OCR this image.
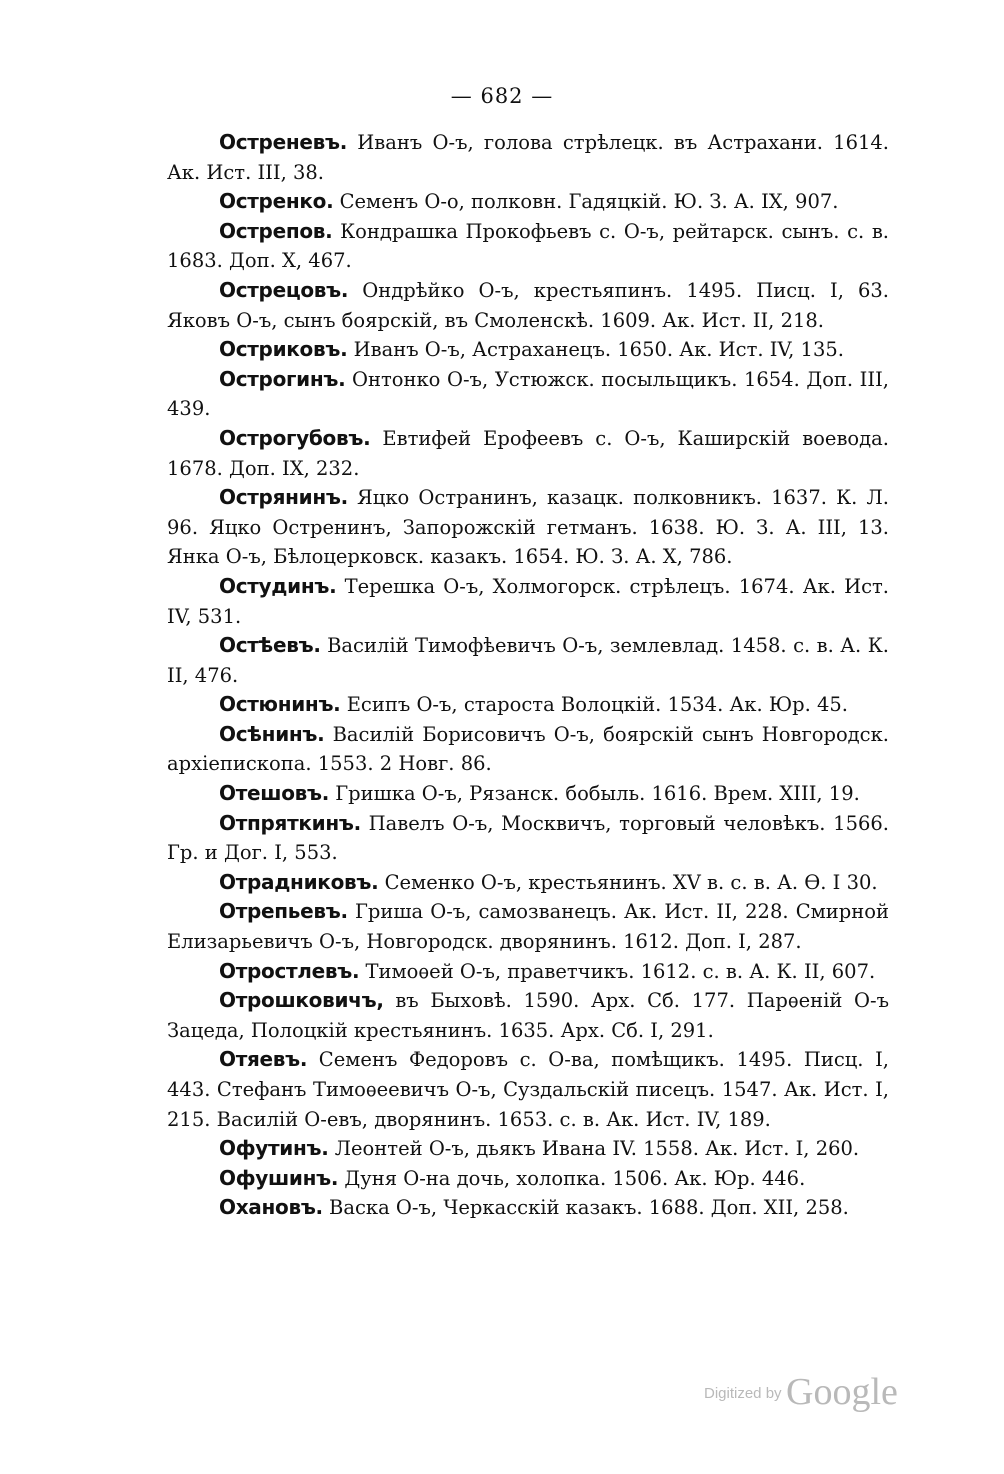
— 682 —

Остреневъ. Иванъ О-ъ, голова стрѣлецк. въ Астрахани. 1614. Ак. Ист. III, 38.

Остренко. Семенъ О-о, полковн. Гадяцкій. Ю. З. А. IX, 907.

Острепов. Кондрашка Прокофьевъ с. О-ъ, рейтарск. сынъ. с. в. 1683. Доп. X, 467.

Острецовъ. Ондрѣйко О-ъ, крестьяпинъ. 1495. Писц. I, 63. Яковъ О-ъ, сынъ боярскій, въ Смоленскѣ. 1609. Ак. Ист. II, 218.

Остриковъ. Иванъ О-ъ, Астраханецъ. 1650. Ак. Ист. IV, 135.

Острогинъ. Онтонко О-ъ, Устюжск. посыльщикъ. 1654. Доп. III, 439.

Острогубовъ. Евтифей Ерофеевъ с. О-ъ, Каширскій воевода. 1678. Доп. IX, 232.

Острянинъ. Яцко Остранинъ, казацк. полковникъ. 1637. К. Л. 96. Яцко Остренинъ, Запорожскій гетманъ. 1638. Ю. З. А. III, 13. Янка О-ъ, Бѣлоцерковск. казакъ. 1654. Ю. З. А. X, 786.

Остудинъ. Терешка О-ъ, Холмогорск. стрѣлецъ. 1674. Ак. Ист. IV, 531.

Остѣевъ. Василій Тимофѣевичъ О-ъ, землевлад. 1458. с. в. А. К. II, 476.

Остюнинъ. Есипъ О-ъ, староста Волоцкій. 1534. Ак. Юр. 45.

Осѣнинъ. Василій Борисовичъ О-ъ, боярскій сынъ Новгородск. архіепископа. 1553. 2 Новг. 86.

Отешовъ. Гришка О-ъ, Рязанск. бобыль. 1616. Врем. XIII, 19.

Отпряткинъ. Павелъ О-ъ, Москвичъ, торговый человѣкъ. 1566. Гр. и Дог. I, 553.

Отрадниковъ. Семенко О-ъ, крестьянинъ. XV в. с. в. А. Ѳ. I 30.

Отрепьевъ. Гриша О-ъ, самозванецъ. Ак. Ист. II, 228. Смирной Елизарьевичъ О-ъ, Новгородск. дворянинъ. 1612. Доп. I, 287.

Отростлевъ. Тимоѳей О-ъ, праветчикъ. 1612. с. в. А. К. II, 607.

Отрошковичъ, въ Быховѣ. 1590. Арх. Сб. 177. Парѳеній О-ъ Зацеда, Полоцкій крестьянинъ. 1635. Арх. Сб. I, 291.

Отяевъ. Семенъ Федоровъ с. О-ва, помѣщикъ. 1495. Писц. I, 443. Стефанъ Тимоѳеевичъ О-ъ, Суздальскій писецъ. 1547. Ак. Ист. I, 215. Василій О-евъ, дворянинъ. 1653. с. в. Ак. Ист. IV, 189.

Офутинъ. Леонтей О-ъ, дьякъ Ивана IV. 1558. Ак. Ист. I, 260.

Офушинъ. Дуня О-на дочь, холопка. 1506. Ак. Юр. 446.

Охановъ. Васка О-ъ, Черкасскій казакъ. 1688. Доп. XII, 258.

Digitized by Google
